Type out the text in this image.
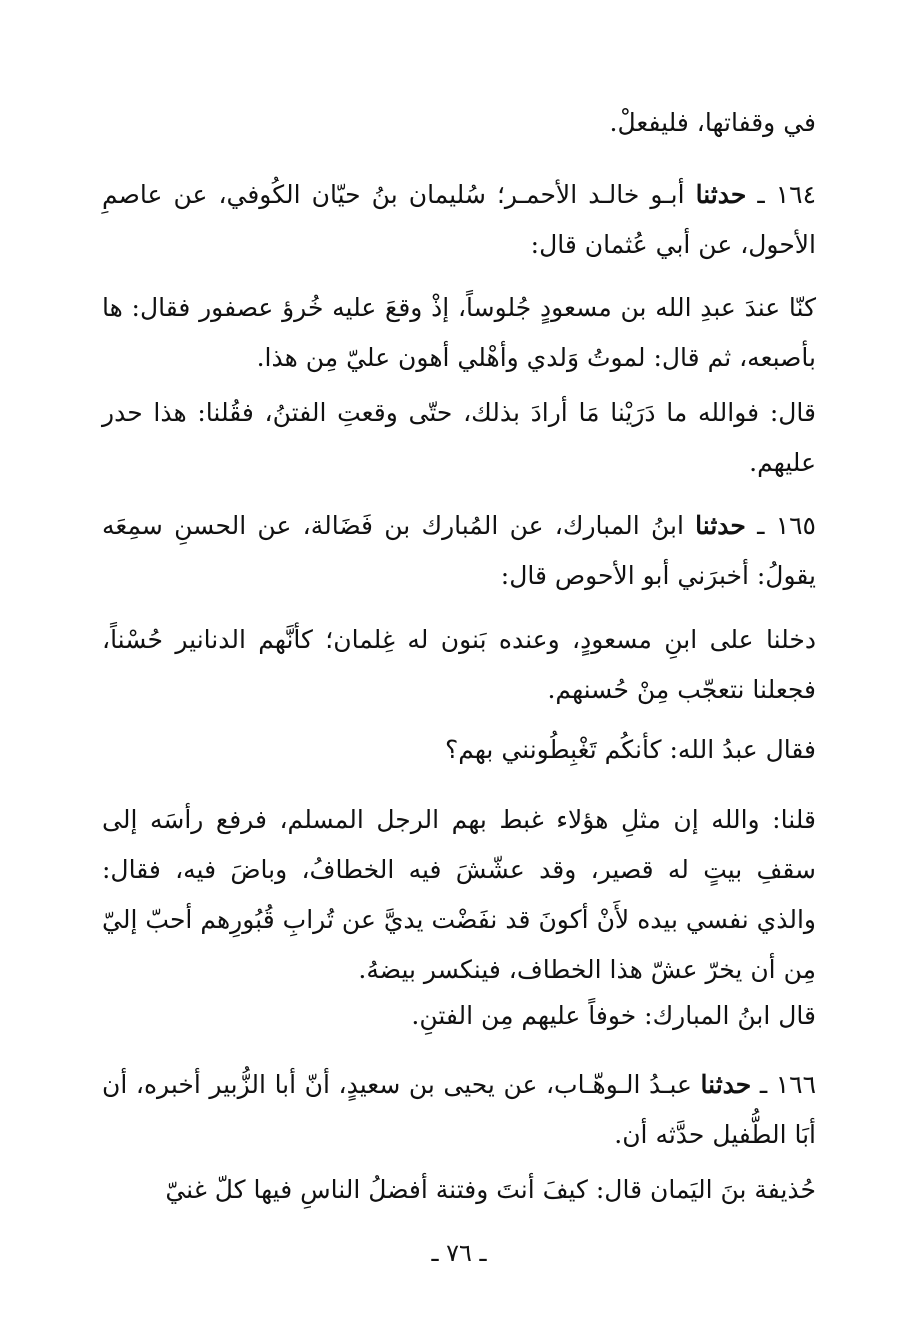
في وقفاتها، فليفعلْ.

١٦٤ ـ حدثنا أبـو خالـد الأحمـر؛ سُليمان بنُ حيّان الكُوفي، عن عاصمِ الأحول، عن أبي عُثمان قال:

كنّا عندَ عبدِ الله بن مسعودٍ جُلوساً، إذْ وقعَ عليه خُرؤ عصفور فقال: ها بأصبعه، ثم قال: لموتُ وَلدي وأهْلي أهون عليّ مِن هذا.

قال: فوالله ما دَرَيْنا مَا أرادَ بذلك، حتّى وقعتِ الفتنُ، فقُلنا: هذا حدر عليهم.

١٦٥ ـ حدثنا ابنُ المبارك، عن المُبارك بن فَضَالة، عن الحسنِ سمِعَه يقولُ: أخبرَني أبو الأحوص قال:

دخلنا على ابنِ مسعودٍ، وعنده بَنون له غِلمان؛ كأنَّهم الدنانير حُسْناً، فجعلنا نتعجّب مِنْ حُسنهم.

فقال عبدُ الله: كأنكُم تَغْبِطُونني بهم؟

قلنا: والله إن مثلِ هؤلاء غبط بهم الرجل المسلم، فرفع رأسَه إلى سقفِ بيتٍ له قصير، وقد عشّشَ فيه الخطافُ، وباضَ فيه، فقال: والذي نفسي بيده لأَنْ أكونَ قد نفَضْت يديَّ عن تُرابِ قُبُورِهم أحبّ إليّ مِن أن يخرّ عشّ هذا الخطاف، فينكسر بيضهُ.

قال ابنُ المبارك: خوفاً عليهم مِن الفتنِ.

١٦٦ ـ حدثنا عبـدُ الـوهّـاب، عن يحيى بن سعيدٍ، أنّ أبا الزُّبير أخبره، أن أبَا الطُّفيل حدَّثه أن.

حُذيفة بنَ اليَمان قال: كيفَ أنتَ وفتنة أفضلُ الناسِ فيها كلّ غنيّ

ـ ٧٦ ـ
